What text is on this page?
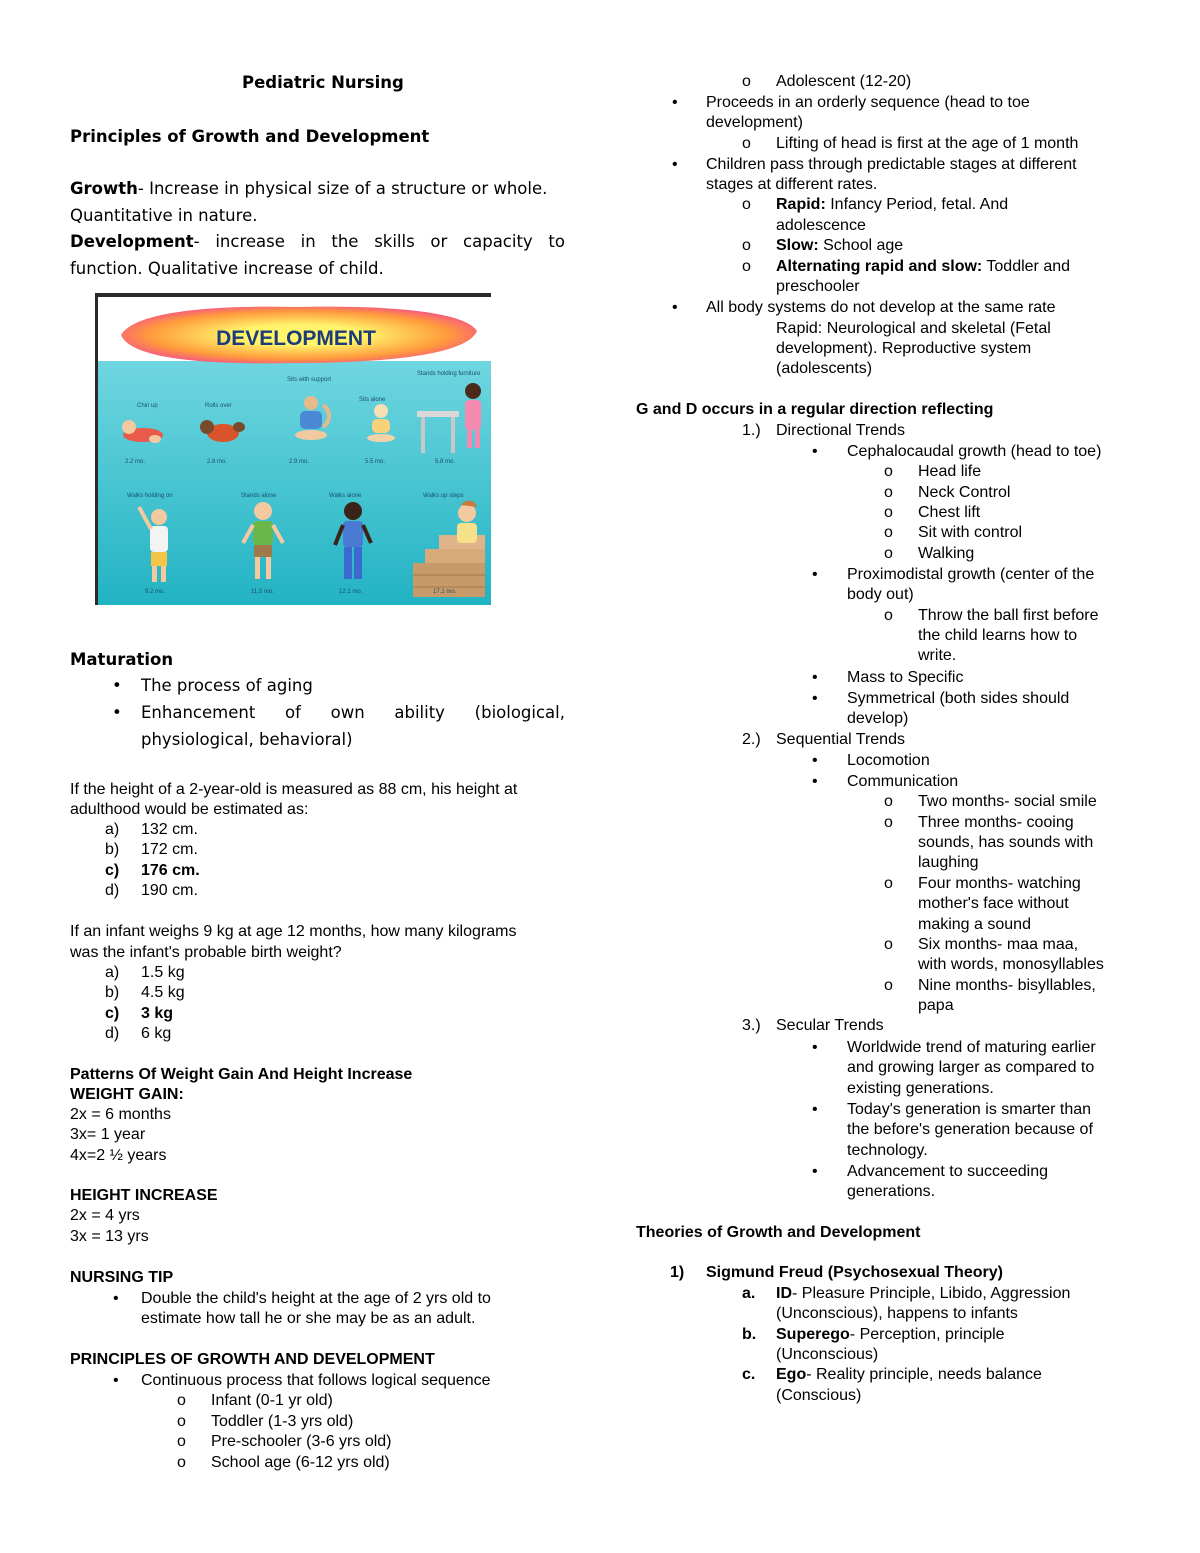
Pediatric Nursing
Principles of Growth and Development
Growth- Increase in physical size of a structure or whole.
Quantitative in nature.
Development - increase in the skills or capacity to
function. Qualitative increase of child.
DEVELOPMENT
Chin up	Rolls over
Sits with support
Sits alone
Stands holding furniture
2.2 mo.	2.8 mo.	2.9 mo.	5.5 mo.	5.8 mo.
Walks holding on	Stands alone	Walks alone	Walks up steps
9.2 mo.	11.5 mo.	12.1 mo.	17.1 mo.
Maturation
• The process of aging
• Enhancement of own ability (biological,
physiological, behavioral)
If the height of a 2-year-old is measured as 88 cm, his height at
adulthood would be estimated as:
a) 132 cm.
b) 172 cm.
c) 176 cm.
d) 190 cm.
If an infant weighs 9 kg at age 12 months, how many kilograms
was the infant's probable birth weight?
a) 1.5 kg
b) 4.5 kg
c) 3 kg
d) 6 kg
Patterns Of Weight Gain And Height Increase
WEIGHT GAIN:
2x = 6 months
3x= 1 year
4x=2 ½ years
HEIGHT INCREASE
2x = 4 yrs
3x = 13 yrs
NURSING TIP
• Double the child's height at the age of 2 yrs old to
estimate how tall he or she may be as an adult.
PRINCIPLES OF GROWTH AND DEVELOPMENT
• Continuous process that follows logical sequence
o Infant (0-1 yr old)
o Toddler (1-3 yrs old)
o Pre-schooler (3-6 yrs old)
o School age (6-12 yrs old)
o Adolescent (12-20)
• Proceeds in an orderly sequence (head to toe
development)
o Lifting of head is first at the age of 1 month
• Children pass through predictable stages at different
stages at different rates.
o Rapid: Infancy Period, fetal. And
adolescence
o Slow: School age
o Alternating rapid and slow: Toddler and
preschooler
• All body systems do not develop at the same rate
Rapid: Neurological and skeletal (Fetal
development). Reproductive system
(adolescents)
G and D occurs in a regular direction reflecting
1.) Directional Trends
• Cephalocaudal growth (head to toe)
o Head life
o Neck Control
o Chest lift
o Sit with control
o Walking
• Proximodistal growth (center of the
body out)
o Throw the ball first before
the child learns how to
write.
• Mass to Specific
• Symmetrical (both sides should
develop)
2.) Sequential Trends
• Locomotion
• Communication
o Two months- social smile
o Three months- cooing
sounds, has sounds with
laughing
o Four months- watching
mother's face without
making a sound
o Six months- maa maa,
with words, monosyllables
o Nine months- bisyllables,
papa
3.) Secular Trends
• Worldwide trend of maturing earlier
and growing larger as compared to
existing generations.
• Today's generation is smarter than
the before's generation because of
technology.
• Advancement to succeeding
generations.
Theories of Growth and Development
1) Sigmund Freud (Psychosexual Theory)
a. ID- Pleasure Principle, Libido, Aggression
(Unconscious), happens to infants
b. Superego- Perception, principle
(Unconscious)
c. Ego- Reality principle, needs balance
(Conscious)
